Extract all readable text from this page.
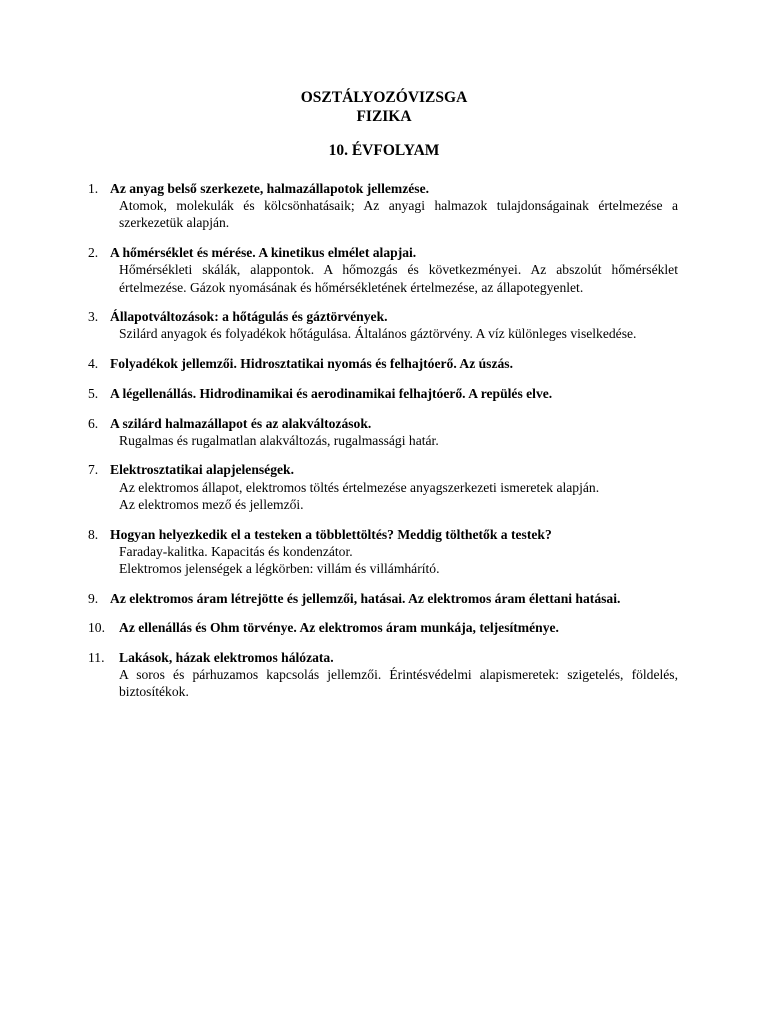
OSZTÁLYOZÓVIZSGA
FIZIKA
10. ÉVFOLYAM
1. Az anyag belső szerkezete, halmazállapotok jellemzése.
Atomok, molekulák és kölcsönhatásaik; Az anyagi halmazok tulajdonságainak értelmezése a szerkezetük alapján.
2. A hőmérséklet és mérése. A kinetikus elmélet alapjai.
Hőmérsékleti skálák, alappontok. A hőmozgás és következményei. Az abszolút hőmérséklet értelmezése. Gázok nyomásának és hőmérsékletének értelmezése, az állapotegyenlet.
3. Állapotváltozások: a hőtágulás és gáztörvények.
Szilárd anyagok és folyadékok hőtágulása. Általános gáztörvény. A víz különleges viselkedése.
4. Folyadékok jellemzői. Hidrosztatikai nyomás és felhajtóerő. Az úszás.
5. A légellenállás. Hidrodinamikai és aerodinamikai felhajtóerő. A repülés elve.
6. A szilárd halmazállapot és az alakváltozások.
Rugalmas és rugalmatlan alakváltozás, rugalmassági határ.
7. Elektrosztatikai alapjelenségek.
Az elektromos állapot, elektromos töltés értelmezése anyagszerkezeti ismeretek alapján.
Az elektromos mező és jellemzői.
8. Hogyan helyezkedik el a testeken a többlettöltés? Meddig tölthetők a testek?
Faraday-kalitka. Kapacitás és kondenzátor.
Elektromos jelenségek a légkörben: villám és villámhárító.
9. Az elektromos áram létrejötte és jellemzői, hatásai. Az elektromos áram élettani hatásai.
10. Az ellenállás és Ohm törvénye. Az elektromos áram munkája, teljesítménye.
11. Lakások, házak elektromos hálózata.
A soros és párhuzamos kapcsolás jellemzői. Érintésvédelmi alapismeretek: szigetelés, földelés, biztosítékok.
